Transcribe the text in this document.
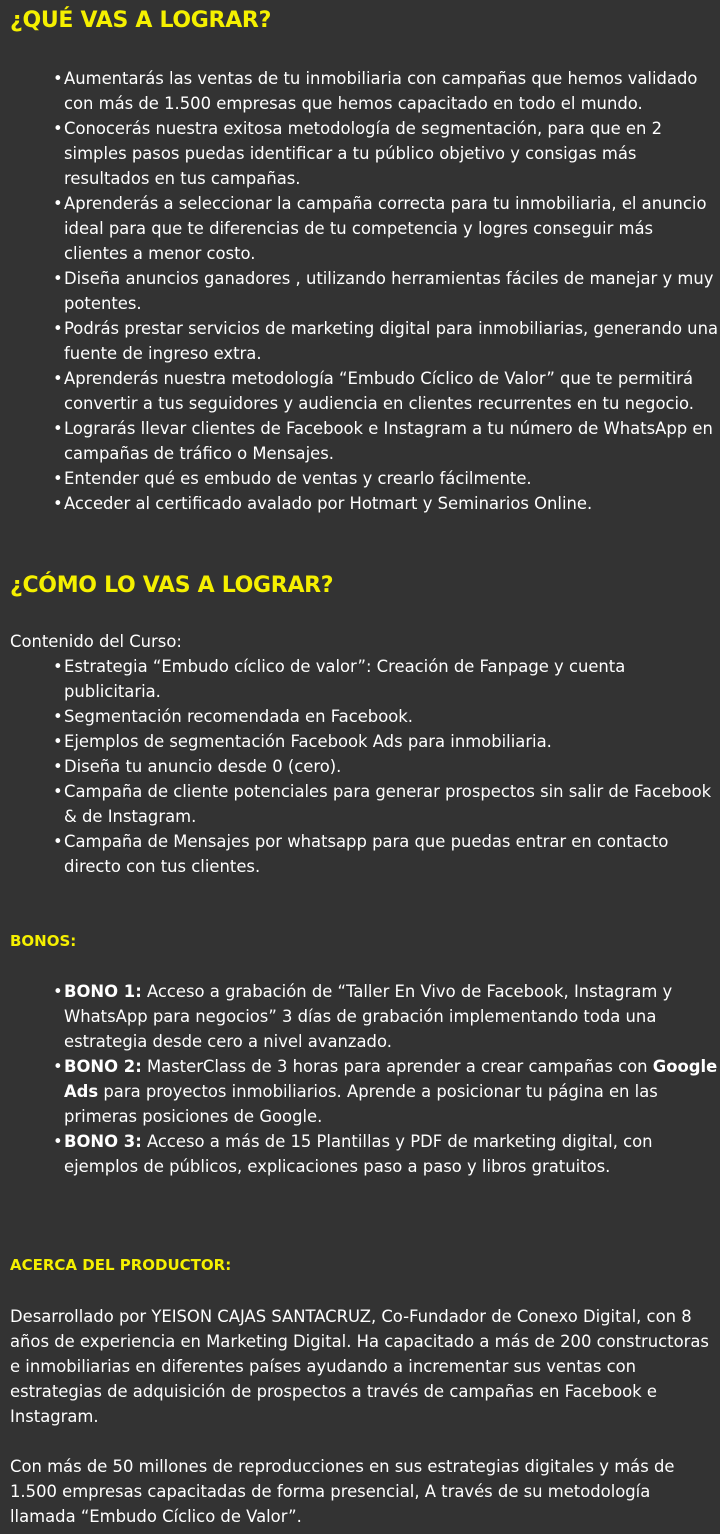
¿QUÉ VAS A LOGRAR?
• Aumentarás las ventas de tu inmobiliaria con campañas que hemos validado con más de 1.500 empresas que hemos capacitado en todo el mundo.
• Conocerás nuestra exitosa metodología de segmentación, para que en 2 simples pasos puedas identificar a tu público objetivo y consigas más resultados en tus campañas.
• Aprenderás a seleccionar la campaña correcta para tu inmobiliaria, el anuncio ideal para que te diferencias de tu competencia y logres conseguir más clientes a menor costo.
• Diseña anuncios ganadores , utilizando herramientas fáciles de manejar y muy potentes.
• Podrás prestar servicios de marketing digital para inmobiliarias, generando una fuente de ingreso extra.
• Aprenderás nuestra metodología “Embudo Cíclico de Valor” que te permitirá convertir a tus seguidores y audiencia en clientes recurrentes en tu negocio.
• Lograrás llevar clientes de Facebook e Instagram a tu número de WhatsApp en campañas de tráfico o Mensajes.
• Entender qué es embudo de ventas y crearlo fácilmente.
• Acceder al certificado avalado por Hotmart y Seminarios Online.
¿CÓMO LO VAS A LOGRAR?

Contenido del Curso:

• Estrategia “Embudo cíclico de valor”: Creación de Fanpage y cuenta publicitaria.
• Segmentación recomendada en Facebook.
• Ejemplos de segmentación Facebook Ads para inmobiliaria.
• Diseña tu anuncio desde 0 (cero).
• Campaña de cliente potenciales para generar prospectos sin salir de Facebook & de Instagram.
• Campaña de Mensajes por whatsapp para que puedas entrar en contacto directo con tus clientes.
BONOS:
• BONO 1: Acceso a grabación de “Taller En Vivo de Facebook, Instagram y WhatsApp para negocios” 3 días de grabación implementando toda una estrategia desde cero a nivel avanzado.
• BONO 2: MasterClass de 3 horas para aprender a crear campañas con Google Ads para proyectos inmobiliarios. Aprende a posicionar tu página en las primeras posiciones de Google.
• BONO 3: Acceso a más de 15 Plantillas y PDF de marketing digital, con ejemplos de públicos, explicaciones paso a paso y libros gratuitos.
ACERCA DEL PRODUCTOR:

Desarrollado por YEISON CAJAS SANTACRUZ, Co-Fundador de Conexo Digital, con 8 años de experiencia en Marketing Digital. Ha capacitado a más de 200 constructoras e inmobiliarias en diferentes países ayudando a incrementar sus ventas con estrategias de adquisición de prospectos a través de campañas en Facebook e Instagram.

Con más de 50 millones de reproducciones en sus estrategias digitales y más de 1.500 empresas capacitadas de forma presencial, A través de su metodología llamada “Embudo Cíclico de Valor”.
